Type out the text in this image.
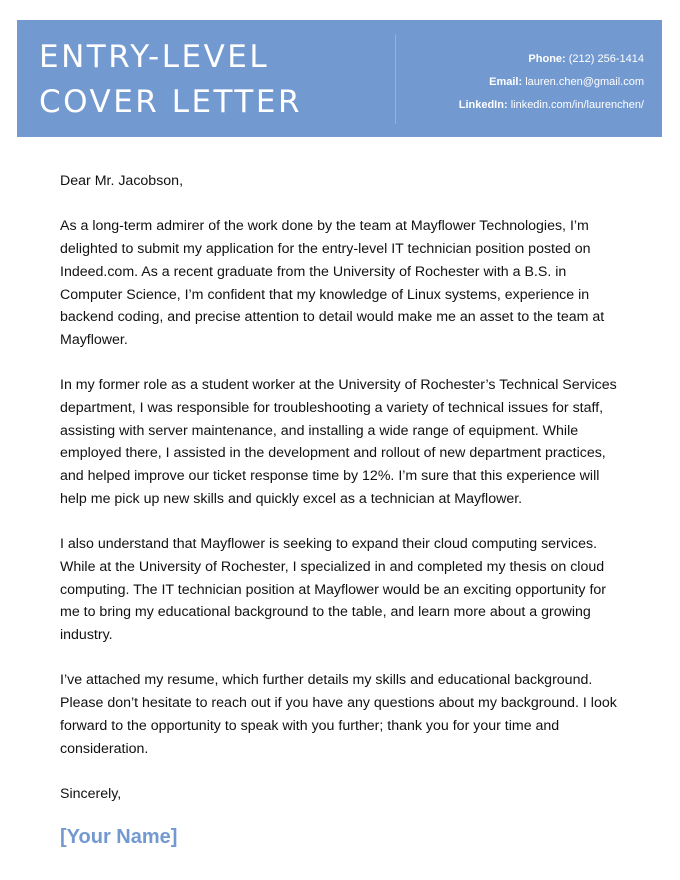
ENTRY-LEVEL
COVER LETTER
Phone: (212) 256-1414
Email: lauren.chen@gmail.com
LinkedIn: linkedin.com/in/laurenchen/

Dear Mr. Jacobson,

As a long-term admirer of the work done by the team at Mayflower Technologies, I’m delighted to submit my application for the entry-level IT technician position posted on Indeed.com. As a recent graduate from the University of Rochester with a B.S. in Computer Science, I’m confident that my knowledge of Linux systems, experience in backend coding, and precise attention to detail would make me an asset to the team at Mayflower.

In my former role as a student worker at the University of Rochester’s Technical Services department, I was responsible for troubleshooting a variety of technical issues for staff, assisting with server maintenance, and installing a wide range of equipment. While employed there, I assisted in the development and rollout of new department practices, and helped improve our ticket response time by 12%. I’m sure that this experience will help me pick up new skills and quickly excel as a technician at Mayflower.

I also understand that Mayflower is seeking to expand their cloud computing services. While at the University of Rochester, I specialized in and completed my thesis on cloud computing. The IT technician position at Mayflower would be an exciting opportunity for me to bring my educational background to the table, and learn more about a growing industry.

I’ve attached my resume, which further details my skills and educational background. Please don’t hesitate to reach out if you have any questions about my background. I look forward to the opportunity to speak with you further; thank you for your time and consideration.

Sincerely,

[Your Name]
